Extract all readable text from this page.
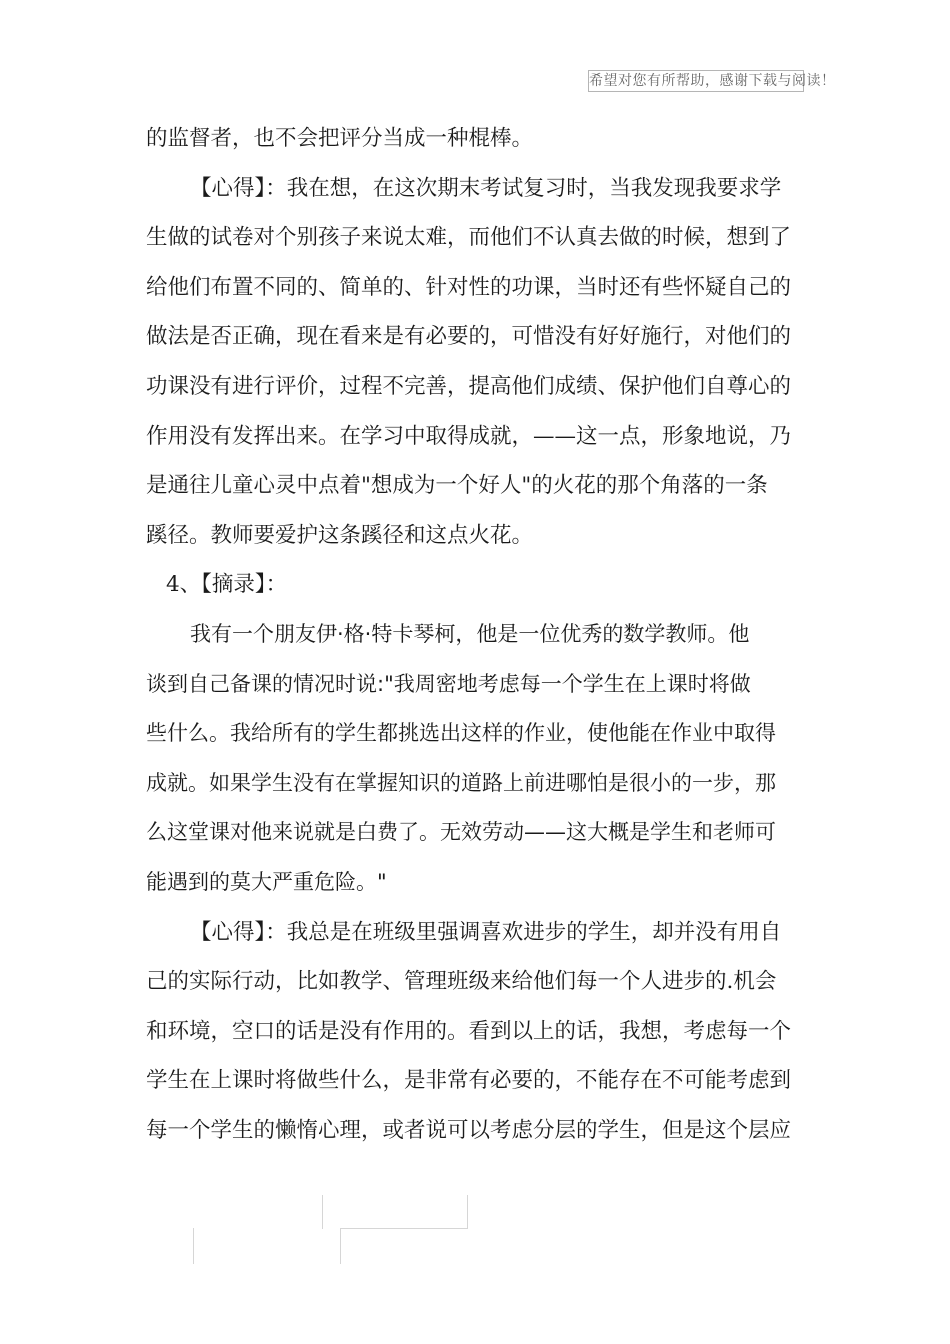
希望对您有所帮助，感谢下载与阅读！
的监督者，也不会把评分当成一种棍棒。
【心得】：我在想，在这次期末考试复习时，当我发现我要求学
生做的试卷对个别孩子来说太难，而他们不认真去做的时候，想到了
给他们布置不同的、简单的、针对性的功课，当时还有些怀疑自己的
做法是否正确，现在看来是有必要的，可惜没有好好施行，对他们的
功课没有进行评价，过程不完善，提高他们成绩、保护他们自尊心的
作用没有发挥出来。在学习中取得成就，——这一点，形象地说，乃
是通往儿童心灵中点着"想成为一个好人"的火花的那个角落的一条
蹊径。教师要爱护这条蹊径和这点火花。
4、【摘录】：
我有一个朋友伊·格·特卡琴柯，他是一位优秀的数学教师。他
谈到自己备课的情况时说:"我周密地考虑每一个学生在上课时将做
些什么。我给所有的学生都挑选出这样的作业，使他能在作业中取得
成就。如果学生没有在掌握知识的道路上前进哪怕是很小的一步，那
么这堂课对他来说就是白费了。无效劳动——这大概是学生和老师可
能遇到的莫大严重危险。"
【心得】：我总是在班级里强调喜欢进步的学生，却并没有用自
己的实际行动，比如教学、管理班级来给他们每一个人进步的.机会
和环境，空口的话是没有作用的。看到以上的话，我想，考虑每一个
学生在上课时将做些什么，是非常有必要的，不能存在不可能考虑到
每一个学生的懒惰心理，或者说可以考虑分层的学生，但是这个层应
